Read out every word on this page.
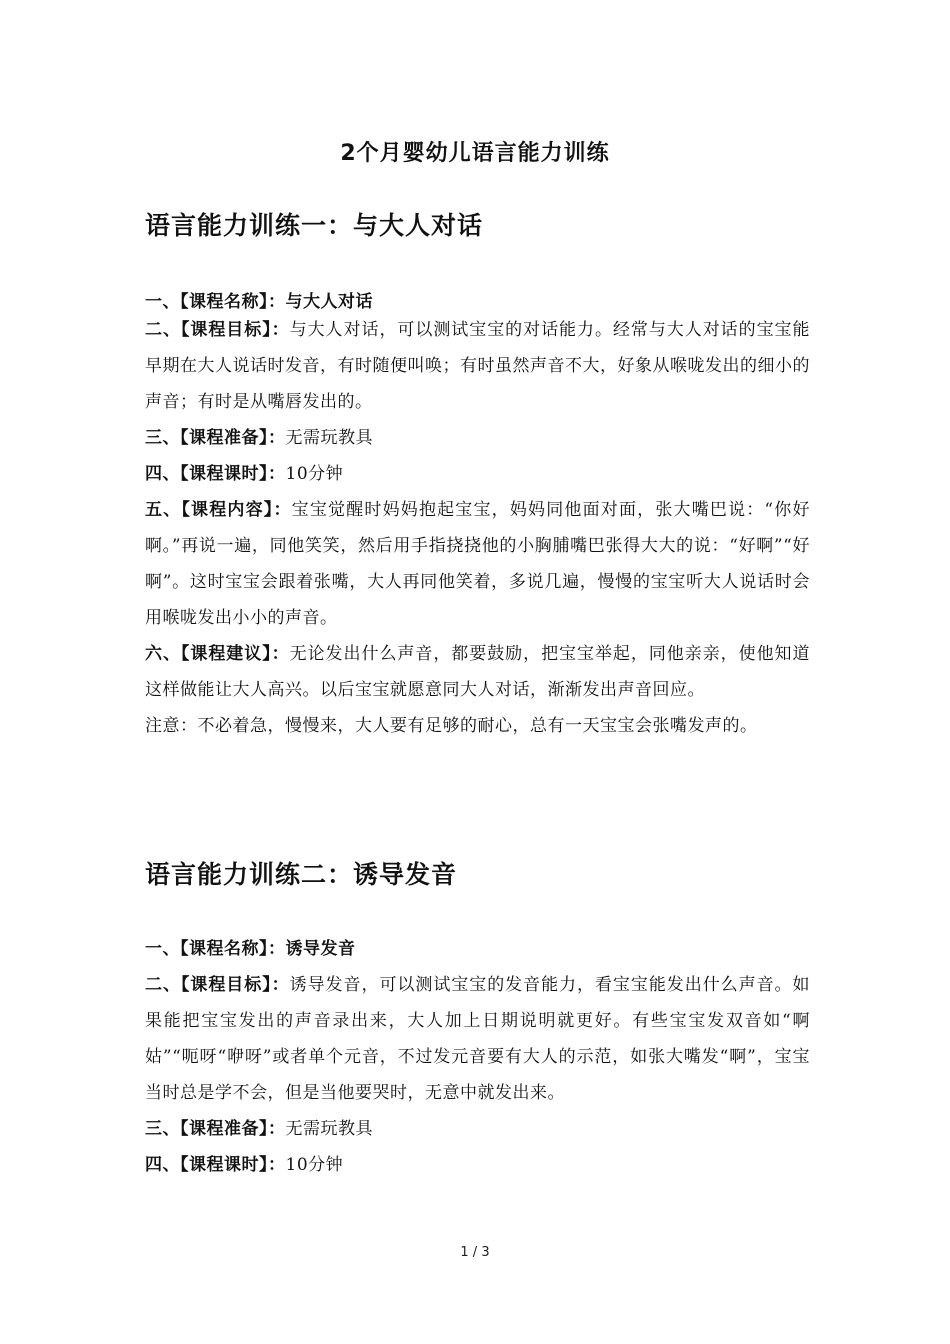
2个月婴幼儿语言能力训练
语言能力训练一：与大人对话

一、【课程名称】：与大人对话

二、【课程目标】：与大人对话，可以测试宝宝的对话能力。经常与大人对话的宝宝能早期在大人说话时发音，有时随便叫唤；有时虽然声音不大，好象从喉咙发出的细小的声音；有时是从嘴唇发出的。

三、【课程准备】：无需玩教具

四、【课程课时】：10分钟

五、【课程内容】：宝宝觉醒时妈妈抱起宝宝，妈妈同他面对面，张大嘴巴说：“你好啊。”再说一遍，同他笑笑，然后用手指挠挠他的小胸脯嘴巴张得大大的说：“好啊”“好啊”。这时宝宝会跟着张嘴，大人再同他笑着，多说几遍，慢慢的宝宝听大人说话时会用喉咙发出小小的声音。

六、【课程建议】：无论发出什么声音，都要鼓励，把宝宝举起，同他亲亲，使他知道这样做能让大人高兴。以后宝宝就愿意同大人对话，渐渐发出声音回应。

注意：不必着急，慢慢来，大人要有足够的耐心，总有一天宝宝会张嘴发声的。

语言能力训练二：诱导发音

一、【课程名称】：诱导发音

二、【课程目标】：诱导发音，可以测试宝宝的发音能力，看宝宝能发出什么声音。如果能把宝宝发出的声音录出来，大人加上日期说明就更好。有些宝宝发双音如“啊姑”“呃呀“咿呀”或者单个元音，不过发元音要有大人的示范，如张大嘴发“啊”，宝宝当时总是学不会，但是当他要哭时，无意中就发出来。

三、【课程准备】：无需玩教具

四、【课程课时】：10分钟

1 / 3
